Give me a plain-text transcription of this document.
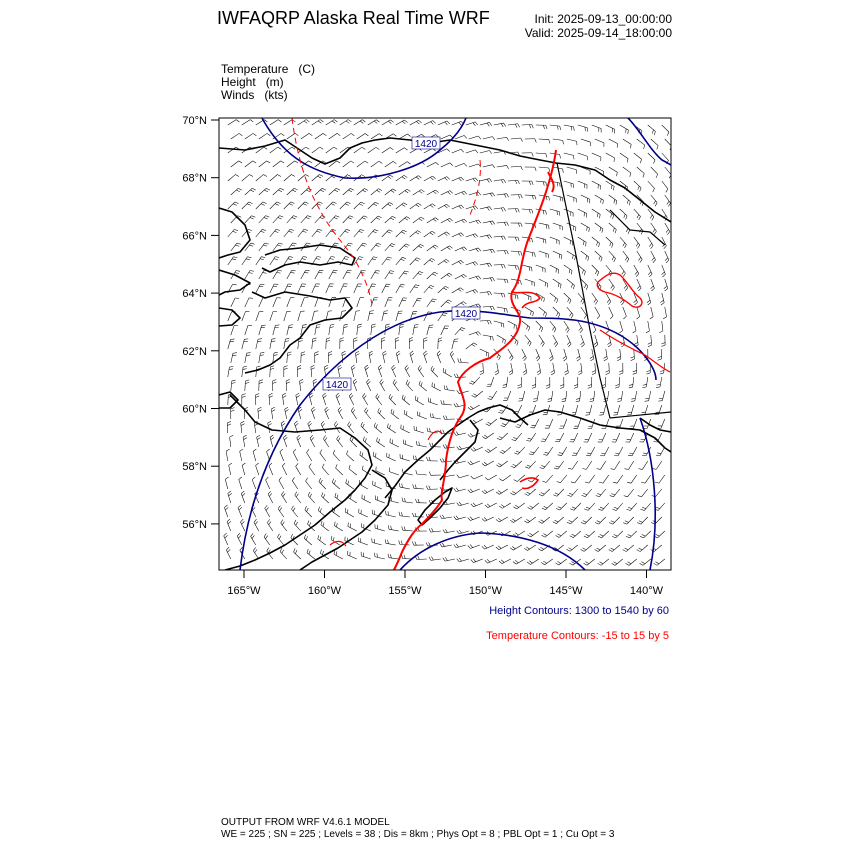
IWFAQRP Alaska Real Time WRF	Init: 2025-09-13_00:00:00
Valid: 2025-09-14_18:00:00
Temperature   (C)
Height   (m)
Winds   (kts)
1420
1420
1420
70°N
68°N
66°N
64°N
62°N
60°N
58°N
56°N
165°W	160°W	155°W	150°W	145°W	140°W
Height Contours: 1300 to 1540 by 60
Temperature Contours: -15 to 15 by 5
OUTPUT FROM WRF V4.6.1 MODEL
WE = 225 ; SN = 225 ; Levels = 38 ; Dis = 8km ; Phys Opt = 8 ; PBL Opt = 1 ; Cu Opt = 3
